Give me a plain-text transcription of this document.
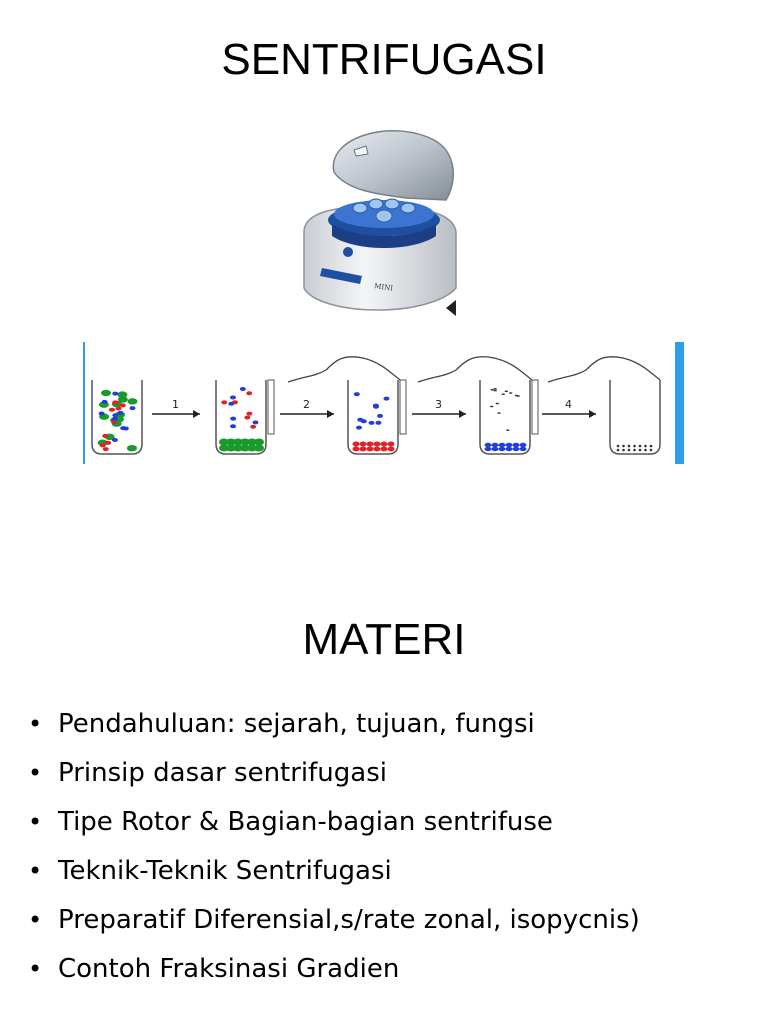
SENTRIFUGASI
MINI
1	2	3	4
MATERI
• Pendahuluan: sejarah, tujuan, fungsi
• Prinsip dasar sentrifugasi
• Tipe Rotor & Bagian-bagian sentrifuse
• Teknik-Teknik Sentrifugasi
• Preparatif Diferensial,s/rate zonal, isopycnis)
• Contoh Fraksinasi Gradien
